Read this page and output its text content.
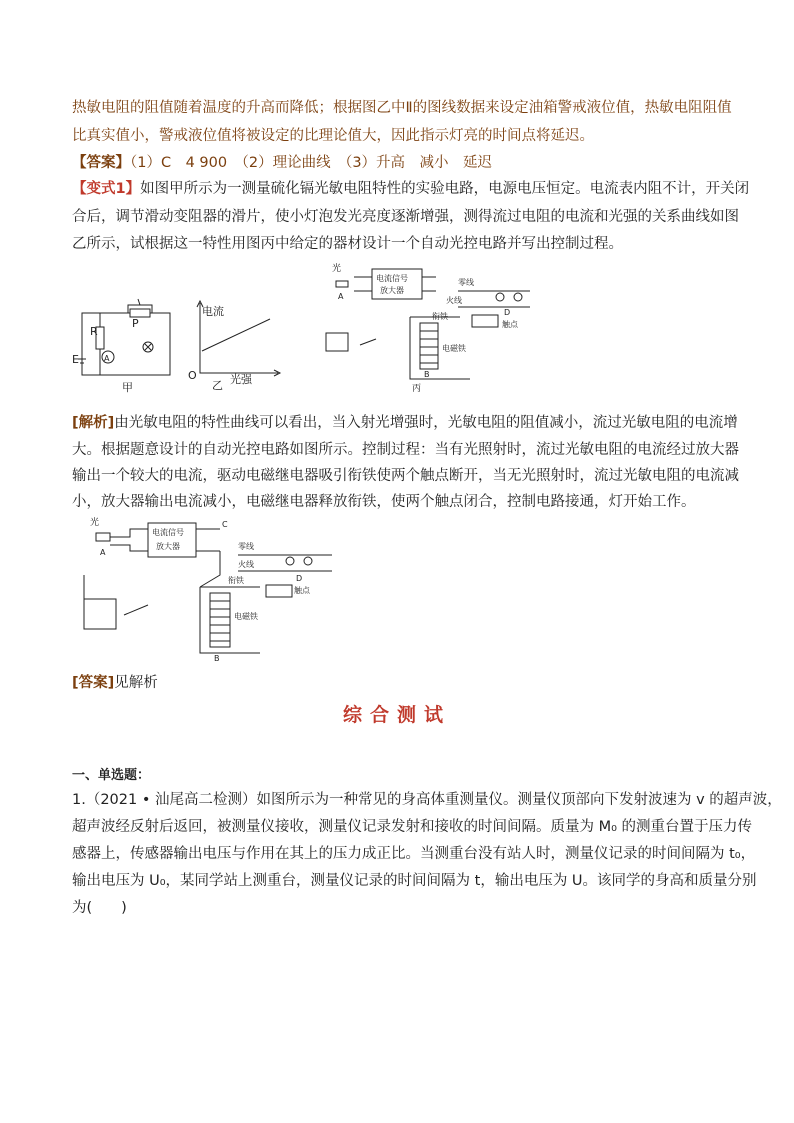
热敏电阻的阻值随着温度的升高而降低；根据图乙中Ⅱ的图线数据来设定油箱警戒液位值，热敏电阻阻值
比真实值小，警戒液位值将被设定的比理论值大，因此指示灯亮的时间点将延迟。
【答案】（1）C　4 900　（2）理论曲线　（3）升高　减小　延迟
【变式1】如图甲所示为一测量硫化镉光敏电阻特性的实验电路，电源电压恒定。电流表内阻不计，开关闭
合后，调节滑动变阻器的滑片，使小灯泡发光亮度逐渐增强，测得流过电阻的电流和光强的关系曲线如图
乙所示，试根据这一特性用图丙中给定的器材设计一个自动光控电路并写出控制过程。
R
P
E	A
甲
电流
光强
O
乙
光
A
电流信号
放大器
零线
火线
D
触点
衔铁
电磁铁
B
丙
[解析]由光敏电阻的特性曲线可以看出，当入射光增强时，光敏电阻的阻值减小，流过光敏电阻的电流增
大。根据题意设计的自动光控电路如图所示。控制过程：当有光照射时，流过光敏电阻的电流经过放大器
输出一个较大的电流，驱动电磁继电器吸引衔铁使两个触点断开，当无光照射时，流过光敏电阻的电流减
小，放大器输出电流减小，电磁继电器释放衔铁，使两个触点闭合，控制电路接通，灯开始工作。
光
A
电流信号
放大器
C
零线
火线
D
触点
衔铁
电磁铁
B
[答案]见解析
综合测试
一、单选题：
1.（2021 • 汕尾高二检测）如图所示为一种常见的身高体重测量仪。测量仪顶部向下发射波速为 v 的超声波，
超声波经反射后返回，被测量仪接收，测量仪记录发射和接收的时间间隔。质量为 M₀ 的测重台置于压力传
感器上，传感器输出电压与作用在其上的压力成正比。当测重台没有站人时，测量仪记录的时间间隔为 t₀，
输出电压为 U₀，某同学站上测重台，测量仪记录的时间间隔为 t，输出电压为 U。该同学的身高和质量分别
为(　　)
